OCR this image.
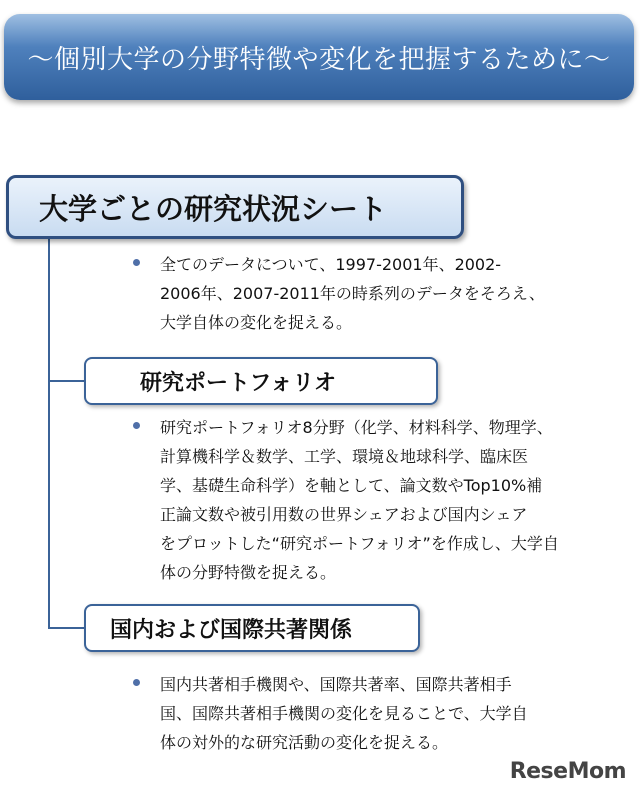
～個別大学の分野特徴や変化を把握するために～
大学ごとの研究状況シート
全てのデータについて、1997-2001年、2002-
2006年、2007-2011年の時系列のデータをそろえ、
大学自体の変化を捉える。
研究ポートフォリオ
研究ポートフォリオ8分野（化学、材料科学、物理学、
計算機科学＆数学、工学、環境＆地球科学、臨床医
学、基礎生命科学）を軸として、論文数やTop10%補
正論文数や被引用数の世界シェアおよび国内シェア
をプロットした“研究ポートフォリオ”を作成し、大学自
体の分野特徴を捉える。
国内および国際共著関係
国内共著相手機関や、国際共著率、国際共著相手
国、国際共著相手機関の変化を見ることで、大学自
体の対外的な研究活動の変化を捉える。
ReseMom
